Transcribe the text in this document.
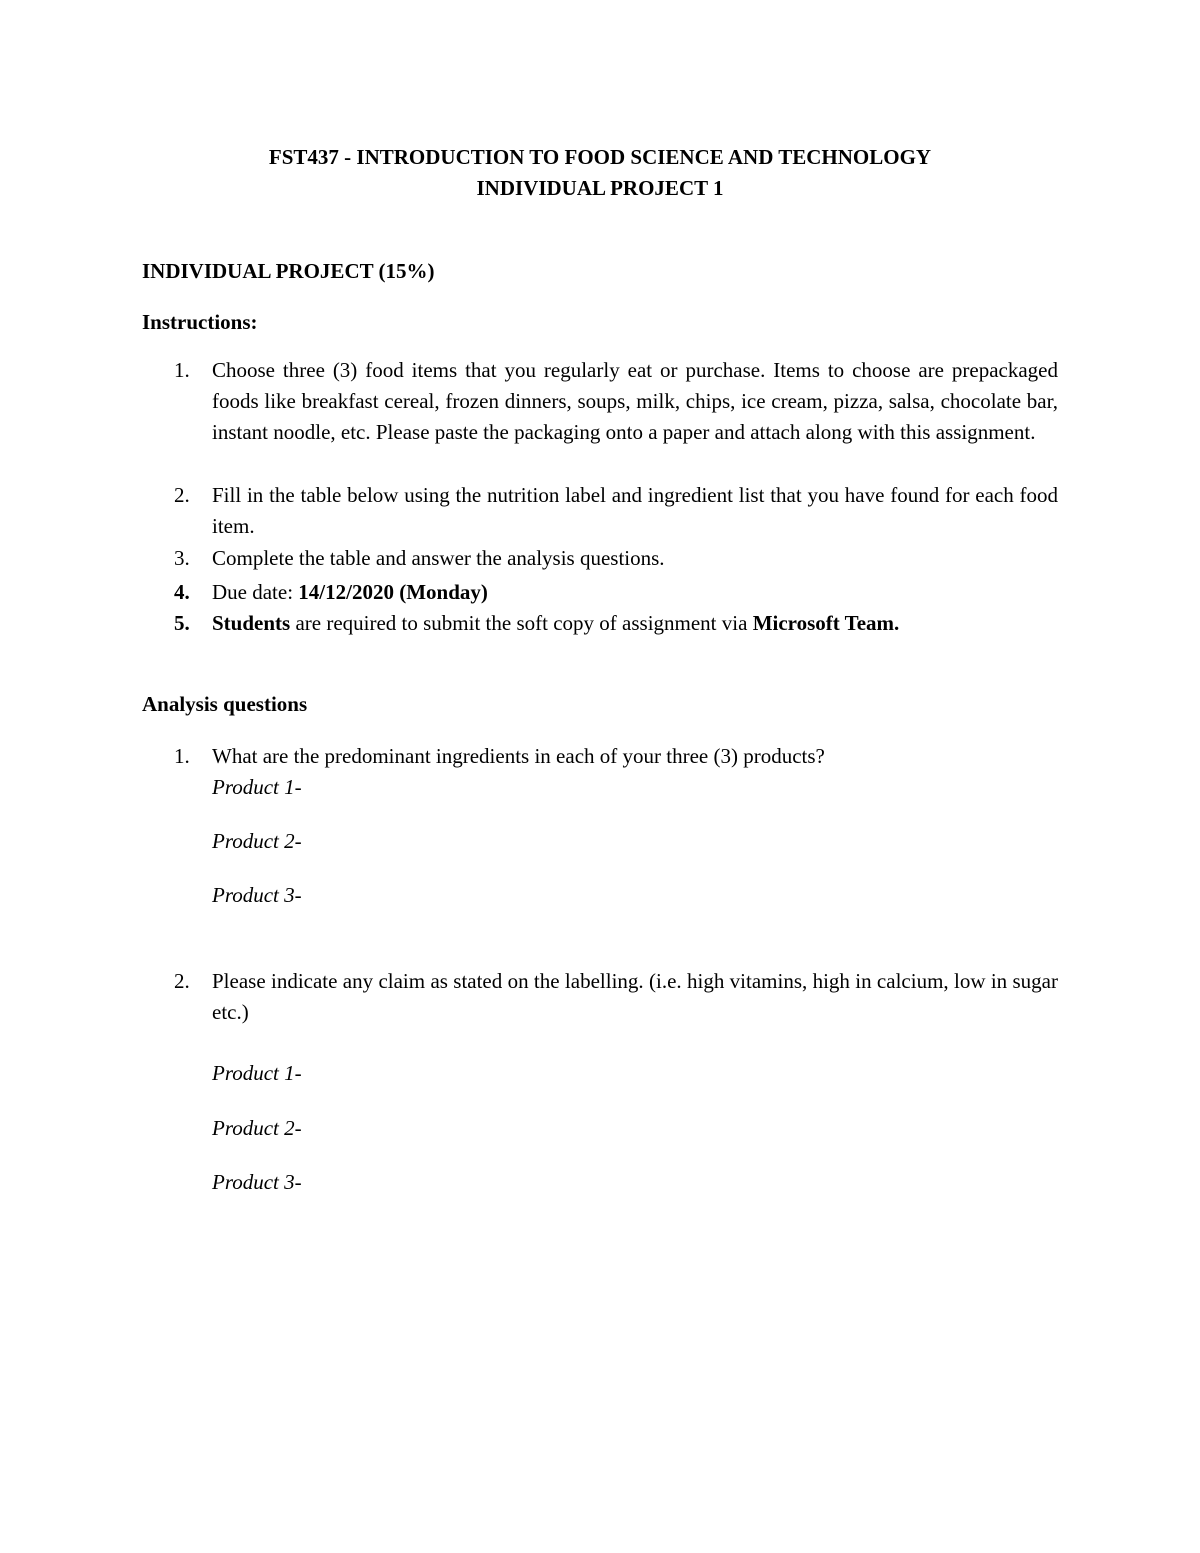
FST437 - INTRODUCTION TO FOOD SCIENCE AND TECHNOLOGY
INDIVIDUAL PROJECT 1
INDIVIDUAL PROJECT (15%)
Instructions:
1.	Choose three (3) food items that you regularly eat or purchase. Items to choose are prepackaged foods like breakfast cereal, frozen dinners, soups, milk, chips, ice cream, pizza, salsa, chocolate bar, instant noodle, etc. Please paste the packaging onto a paper and attach along with this assignment.
2.	Fill in the table below using the nutrition label and ingredient list that you have found for each food item.
3.	Complete the table and answer the analysis questions.
4.	Due date: 14/12/2020 (Monday)
5.	Students are required to submit the soft copy of assignment via Microsoft Team.
Analysis questions
1.	What are the predominant ingredients in each of your three (3) products?
Product 1-
Product 2-
Product 3-
2.	Please indicate any claim as stated on the labelling. (i.e. high vitamins, high in calcium, low in sugar etc.)
Product 1-
Product 2-
Product 3-
